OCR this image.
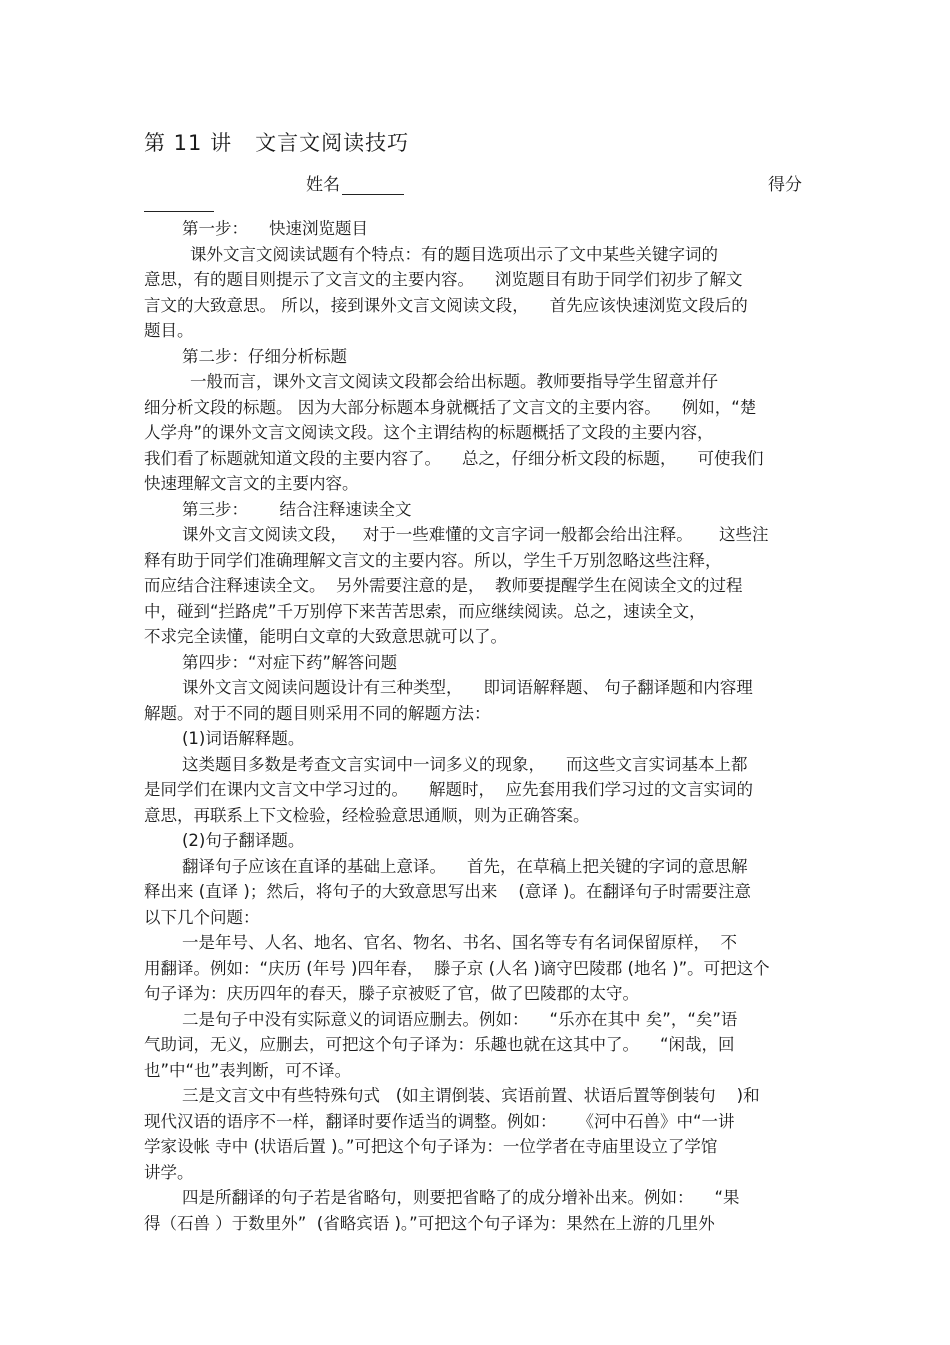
第 11 讲   文言文阅读技巧
姓名	得分
第一步：    快速浏览题目
课外文言文阅读试题有个特点：有的题目选项出示了文中某些关键字词的
意思，有的题目则提示了文言文的主要内容。    浏览题目有助于同学们初步了解文
言文的大致意思。 所以，接到课外文言文阅读文段，    首先应该快速浏览文段后的
题目。
第二步：仔细分析标题
一般而言，课外文言文阅读文段都会给出标题。教师要指导学生留意并仔
细分析文段的标题。 因为大部分标题本身就概括了文言文的主要内容。    例如，“楚
人学舟”的课外文言文阅读文段。这个主谓结构的标题概括了文段的主要内容，
我们看了标题就知道文段的主要内容了。    总之，仔细分析文段的标题，    可使我们
快速理解文言文的主要内容。
第三步：      结合注释速读全文
课外文言文阅读文段，   对于一些难懂的文言字词一般都会给出注释。     这些注
释有助于同学们准确理解文言文的主要内容。所以，学生千万别忽略这些注释，
而应结合注释速读全文。  另外需要注意的是，  教师要提醒学生在阅读全文的过程
中，碰到“拦路虎”千万别停下来苦苦思索，而应继续阅读。总之，速读全文，
不求完全读懂，能明白文章的大致意思就可以了。
第四步：“对症下药”解答问题
课外文言文阅读问题设计有三种类型，    即词语解释题、 句子翻译题和内容理
解题。对于不同的题目则采用不同的解题方法：
(1)词语解释题。
这类题目多数是考查文言实词中一词多义的现象，    而这些文言实词基本上都
是同学们在课内文言文中学习过的。    解题时，  应先套用我们学习过的文言实词的
意思，再联系上下文检验，经检验意思通顺，则为正确答案。
(2)句子翻译题。
翻译句子应该在直译的基础上意译。    首先，在草稿上把关键的字词的意思解
释出来 (直译 )；然后，将句子的大致意思写出来    (意译 )。在翻译句子时需要注意
以下几个问题：
一是年号、人名、地名、官名、物名、书名、国名等专有名词保留原样，  不
用翻译。例如：“庆历 (年号 )四年春，  滕子京 (人名 )谪守巴陵郡 (地名 )”。可把这个
句子译为：庆历四年的春天，滕子京被贬了官，做了巴陵郡的太守。
二是句子中没有实际意义的词语应删去。例如：    “乐亦在其中 矣”，“矣”语
气助词，无义，应删去，可把这个句子译为：乐趣也就在这其中了。    “闲哉，回
也”中“也”表判断，可不译。
三是文言文中有些特殊句式   (如主谓倒装、宾语前置、状语后置等倒装句    )和
现代汉语的语序不一样，翻译时要作适当的调整。例如：    《河中石兽》中“一讲
学家设帐 寺中 (状语后置 )。”可把这个句子译为：一位学者在寺庙里设立了学馆
讲学。
四是所翻译的句子若是省略句，则要把省略了的成分增补出来。例如：    “果
得（石兽 ）于数里外”  (省略宾语 )。”可把这个句子译为：果然在上游的几里外
